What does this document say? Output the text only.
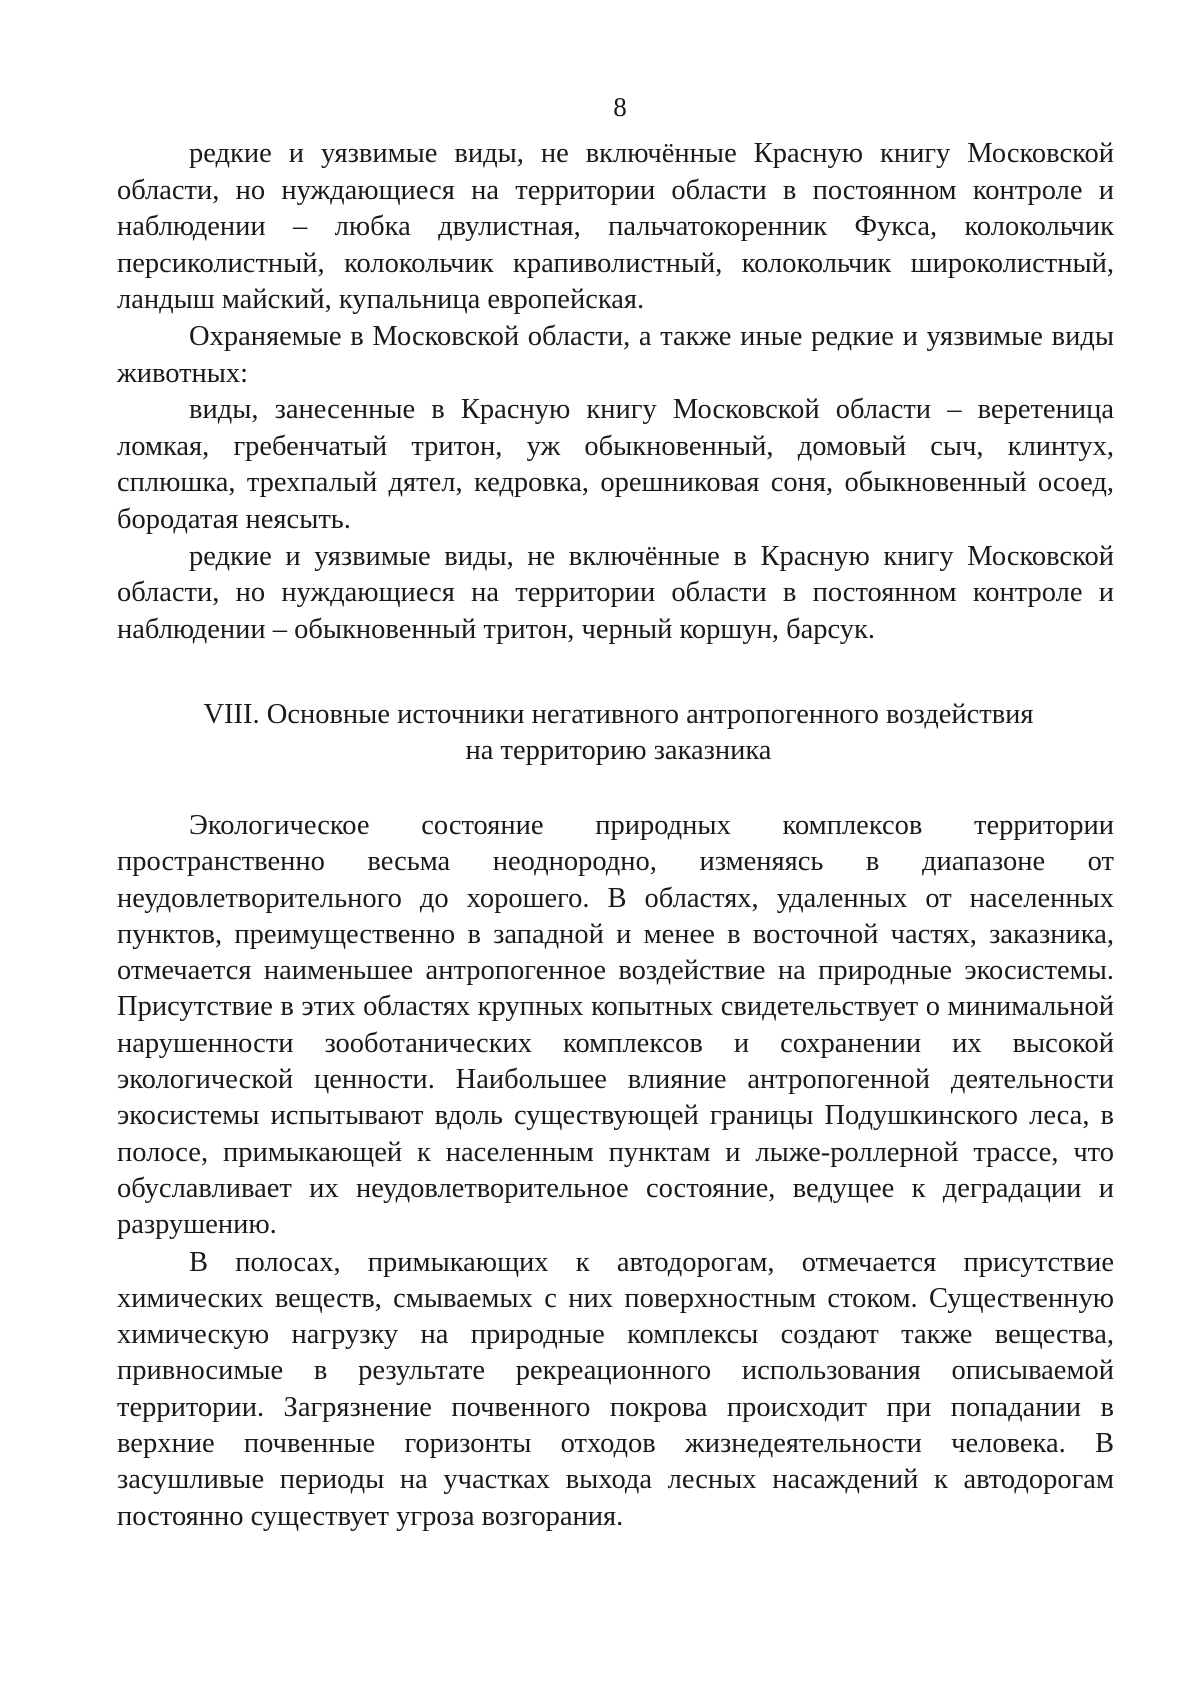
8

редкие и уязвимые виды, не включённые Красную книгу Московской области, но нуждающиеся на территории области в постоянном контроле и наблюдении – любка двулистная, пальчатокоренник Фукса, колокольчик персиколистный, колокольчик крапиволистный, колокольчик широколистный, ландыш майский, купальница европейская.

Охраняемые в Московской области, а также иные редкие и уязвимые виды животных:

виды, занесенные в Красную книгу Московской области – веретеница ломкая, гребенчатый тритон, уж обыкновенный, домовый сыч, клинтух, сплюшка, трехпалый дятел, кедровка, орешниковая соня, обыкновенный осоед, бородатая неясыть.

редкие и уязвимые виды, не включённые в Красную книгу Московской области, но нуждающиеся на территории области в постоянном контроле и наблюдении – обыкновенный тритон, черный коршун, барсук.

VIII. Основные источники негативного антропогенного воздействия
на территорию заказника

Экологическое состояние природных комплексов территории пространственно весьма неоднородно, изменяясь в диапазоне от неудовлетворительного до хорошего. В областях, удаленных от населенных пунктов, преимущественно в западной и менее в восточной частях, заказника, отмечается наименьшее антропогенное воздействие на природные экосистемы. Присутствие в этих областях крупных копытных свидетельствует о минимальной нарушенности зооботанических комплексов и сохранении их высокой экологической ценности. Наибольшее влияние антропогенной деятельности экосистемы испытывают вдоль существующей границы Подушкинского леса, в полосе, примыкающей к населенным пунктам и лыже-роллерной трассе, что обуславливает их неудовлетворительное состояние, ведущее к деградации и разрушению.

В полосах, примыкающих к автодорогам, отмечается присутствие химических веществ, смываемых с них поверхностным стоком. Существенную химическую нагрузку на природные комплексы создают также вещества, привносимые в результате рекреационного использования описываемой территории. Загрязнение почвенного покрова происходит при попадании в верхние почвенные горизонты отходов жизнедеятельности человека. В засушливые периоды на участках выхода лесных насаждений к автодорогам постоянно существует угроза возгорания.
